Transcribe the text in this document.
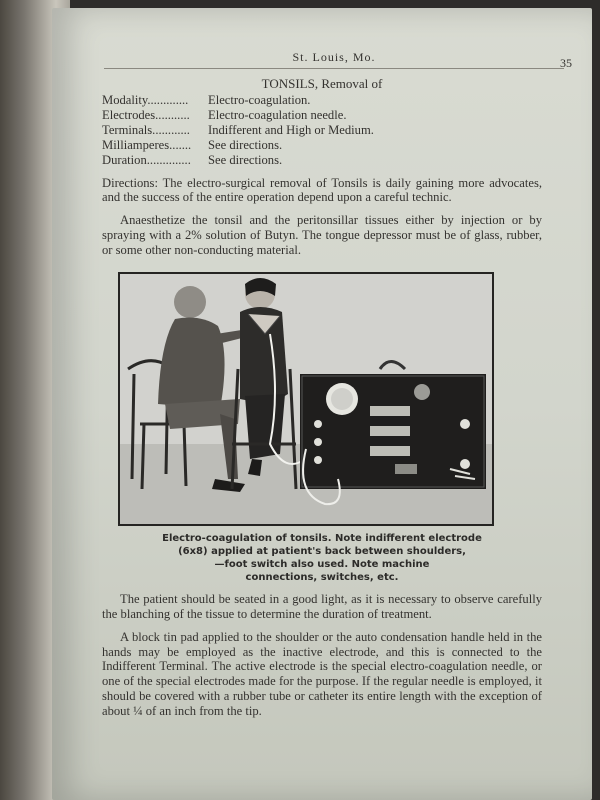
St. Louis, Mo.	35
TONSILS, Removal of
Modality.............	Electro-coagulation.
Electrodes...........	Electro-coagulation needle.
Terminals............	Indifferent and High or Medium.
Milliamperes.......	See directions.
Duration..............	See directions.

Directions: The electro-surgical removal of Tonsils is daily gaining more advocates, and the success of the entire operation depend upon a careful technic.

Anaesthetize the tonsil and the peritonsillar tissues either by injection or by spraying with a 2% solution of Butyn. The tongue depressor must be of glass, rubber, or some other non-conducting material.

Electro-coagulation of tonsils. Note indifferent electrode
(6x8) applied at patient's back between shoulders,
—foot switch also used. Note machine
connections, switches, etc.

The patient should be seated in a good light, as it is necessary to observe carefully the blanching of the tissue to determine the duration of treatment.

A block tin pad applied to the shoulder or the auto condensation handle held in the hands may be employed as the inactive electrode, and this is connected to the Indifferent Terminal. The active electrode is the special electro-coagulation needle, or one of the special electrodes made for the purpose. If the regular needle is employed, it should be covered with a rubber tube or catheter its entire length with the exception of about ¼ of an inch from the tip.
